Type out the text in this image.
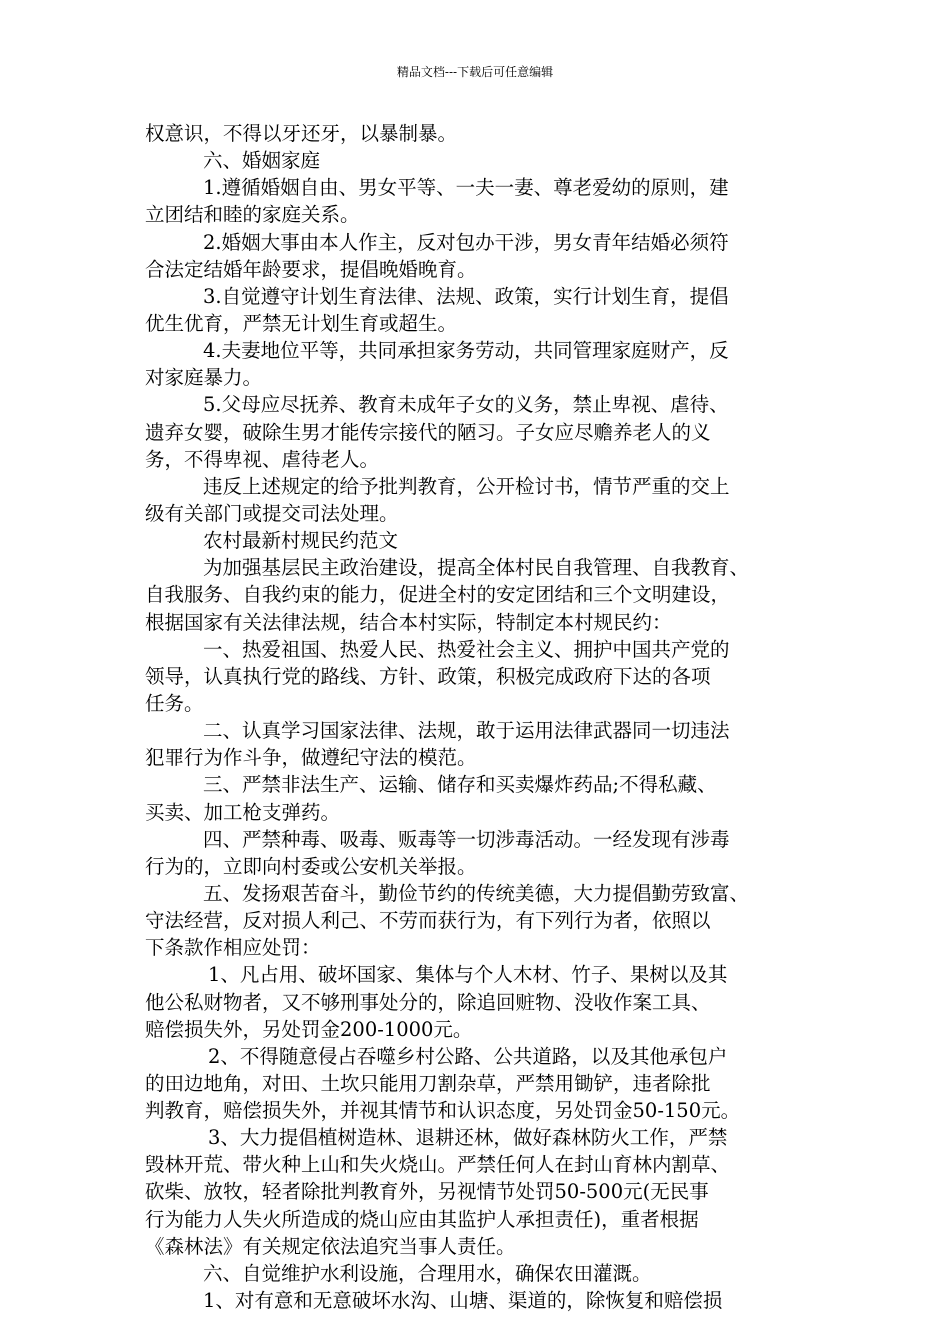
精品文档---下载后可任意编辑
权意识，不得以牙还牙，以暴制暴。
六、婚姻家庭
1.遵循婚姻自由、男女平等、一夫一妻、尊老爱幼的原则，建
立团结和睦的家庭关系。
2.婚姻大事由本人作主，反对包办干涉，男女青年结婚必须符
合法定结婚年龄要求，提倡晚婚晚育。
3.自觉遵守计划生育法律、法规、政策，实行计划生育，提倡
优生优育，严禁无计划生育或超生。
4.夫妻地位平等，共同承担家务劳动，共同管理家庭财产，反
对家庭暴力。
5.父母应尽抚养、教育未成年子女的义务，禁止卑视、虐待、
遗弃女婴，破除生男才能传宗接代的陋习。子女应尽赡养老人的义
务，不得卑视、虐待老人。
违反上述规定的给予批判教育，公开检讨书，情节严重的交上
级有关部门或提交司法处理。
农村最新村规民约范文
为加强基层民主政治建设，提高全体村民自我管理、自我教育、
自我服务、自我约束的能力，促进全村的安定团结和三个文明建设，
根据国家有关法律法规，结合本村实际，特制定本村规民约：
一、热爱祖国、热爱人民、热爱社会主义、拥护中国共产党的
领导，认真执行党的路线、方针、政策，积极完成政府下达的各项
任务。
二、认真学习国家法律、法规，敢于运用法律武器同一切违法
犯罪行为作斗争，做遵纪守法的模范。
三、严禁非法生产、运输、储存和买卖爆炸药品;不得私藏、
买卖、加工枪支弹药。
四、严禁种毒、吸毒、贩毒等一切涉毒活动。一经发现有涉毒
行为的，立即向村委或公安机关举报。
五、发扬艰苦奋斗，勤俭节约的传统美德，大力提倡勤劳致富、
守法经营，反对损人利己、不劳而获行为，有下列行为者，依照以
下条款作相应处罚：
1、凡占用、破坏国家、集体与个人木材、竹子、果树以及其
他公私财物者，又不够刑事处分的，除追回赃物、没收作案工具、
赔偿损失外，另处罚金200-1000元。
2、不得随意侵占吞噬乡村公路、公共道路，以及其他承包户
的田边地角，对田、土坎只能用刀割杂草，严禁用锄铲，违者除批
判教育，赔偿损失外，并视其情节和认识态度，另处罚金50-150元。
3、大力提倡植树造林、退耕还林，做好森林防火工作，严禁
毁林开荒、带火种上山和失火烧山。严禁任何人在封山育林内割草、
砍柴、放牧，轻者除批判教育外，另视情节处罚50-500元(无民事
行为能力人失火所造成的烧山应由其监护人承担责任)，重者根据
《森林法》有关规定依法追究当事人责任。
六、自觉维护水利设施，合理用水，确保农田灌溉。
1、对有意和无意破坏水沟、山塘、渠道的，除恢复和赔偿损
